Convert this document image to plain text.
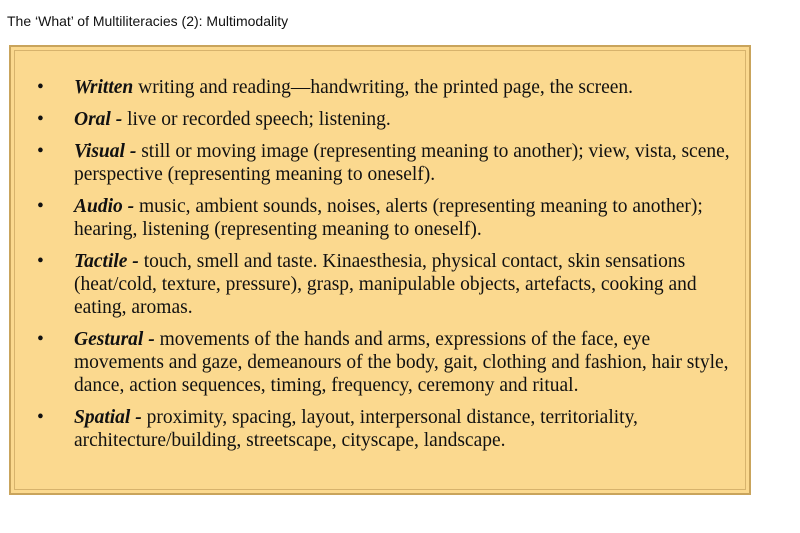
The ‘What’ of Multiliteracies (2): Multimodality
• Written writing and reading—handwriting, the printed page, the screen.
• Oral - live or recorded speech; listening.
• Visual - still or moving image (representing meaning to another); view, vista, scene, perspective (representing meaning to oneself).
• Audio - music, ambient sounds, noises, alerts (representing meaning to another); hearing, listening (representing meaning to oneself).
• Tactile - touch, smell and taste. Kinaesthesia, physical contact, skin sensations (heat/cold, texture, pressure), grasp, manipulable objects, artefacts, cooking and eating, aromas.
• Gestural - movements of the hands and arms, expressions of the face, eye movements and gaze, demeanours of the body, gait, clothing and fashion, hair style, dance, action sequences, timing, frequency, ceremony and ritual.
• Spatial - proximity, spacing, layout, interpersonal distance, territoriality, architecture/building, streetscape, cityscape, landscape.
